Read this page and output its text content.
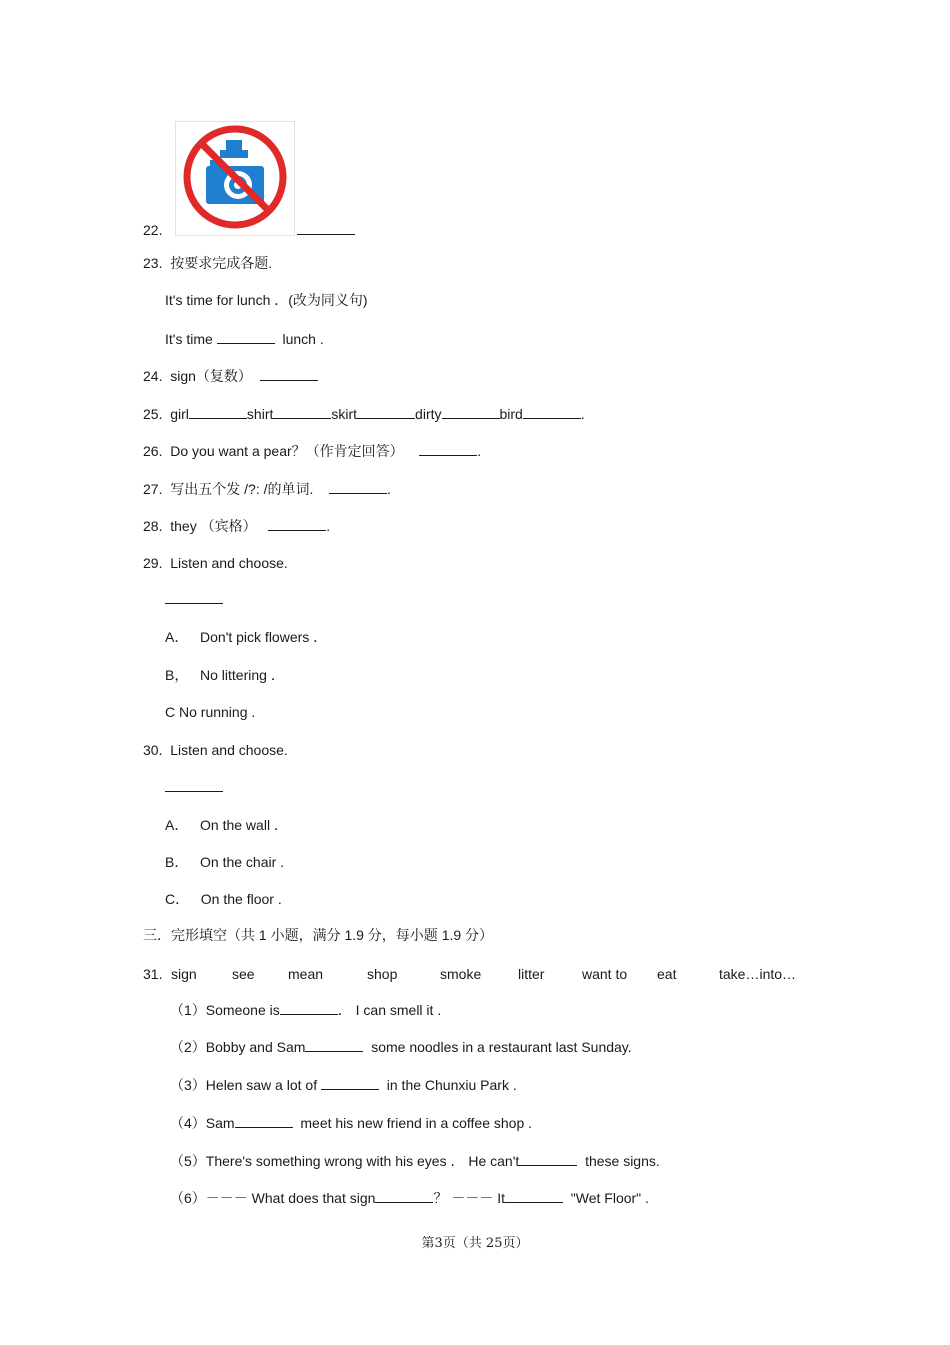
22.
23. 按要求完成各题.
It's time for lunch ．(改为同义句)
It's time	lunch .
24. sign（复数）
25. girl	shirt	skirt	dirty	bird	.
26. Do you want a pear？（作肯定回答）	.
27. 写出五个发 /?: /的单词.	.
28. they （宾格）	.
29. Listen and choose.
A． Don't pick flowers ．
B， No littering ．
C No running .
30. Listen and choose.
A． On the wall ．
B． On the chair .
C． On the floor .
三．完形填空（共 1 小题，满分 1.9 分，每小题 1.9 分）
31. sign	see mean	shop	smoke	litter	want to eat	take…into…
（1）Someone is	． I can smell it .
（2）Bobby and Sam	some noodles in a restaurant last Sunday.
（3）Helen saw a lot of	in the Chunxiu Park .
（4）Sam	meet his new friend in a coffee shop .
（5）There's something wrong with his eyes ． He can't	these signs.
（6）－－－ What does that sign	？ －－－ It	"Wet Floor" .
第3页（共 25页）
